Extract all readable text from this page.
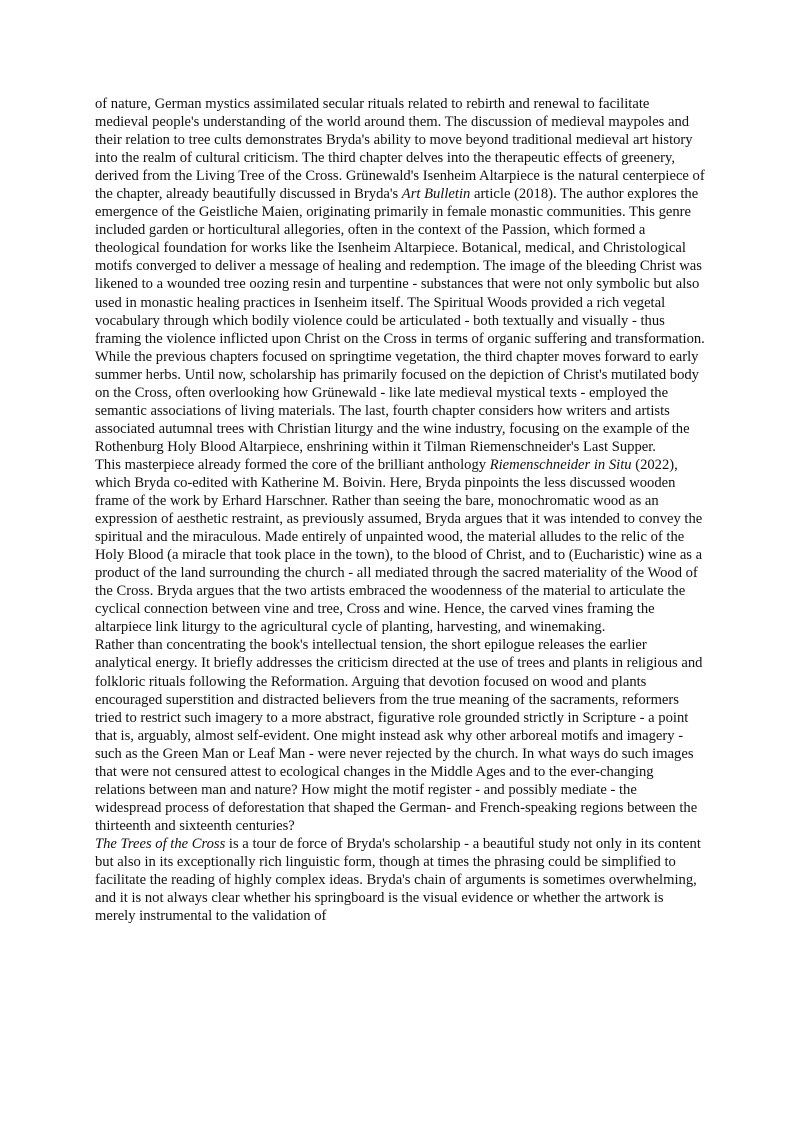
of nature, German mystics assimilated secular rituals related to rebirth and renewal to facilitate medieval people's understanding of the world around them. The discussion of medieval maypoles and their relation to tree cults demonstrates Bryda's ability to move beyond traditional medieval art history into the realm of cultural criticism. The third chapter delves into the therapeutic effects of greenery, derived from the Living Tree of the Cross. Grünewald's Isenheim Altarpiece is the natural centerpiece of the chapter, already beautifully discussed in Bryda's Art Bulletin article (2018). The author explores the emergence of the Geistliche Maien, originating primarily in female monastic communities. This genre included garden or horticultural allegories, often in the context of the Passion, which formed a theological foundation for works like the Isenheim Altarpiece. Botanical, medical, and Christological motifs converged to deliver a message of healing and redemption. The image of the bleeding Christ was likened to a wounded tree oozing resin and turpentine - substances that were not only symbolic but also used in monastic healing practices in Isenheim itself. The Spiritual Woods provided a rich vegetal vocabulary through which bodily violence could be articulated - both textually and visually - thus framing the violence inflicted upon Christ on the Cross in terms of organic suffering and transformation. While the previous chapters focused on springtime vegetation, the third chapter moves forward to early summer herbs. Until now, scholarship has primarily focused on the depiction of Christ's mutilated body on the Cross, often overlooking how Grünewald - like late medieval mystical texts - employed the semantic associations of living materials. The last, fourth chapter considers how writers and artists associated autumnal trees with Christian liturgy and the wine industry, focusing on the example of the Rothenburg Holy Blood Altarpiece, enshrining within it Tilman Riemenschneider's Last Supper.

This masterpiece already formed the core of the brilliant anthology Riemenschneider in Situ (2022), which Bryda co-edited with Katherine M. Boivin. Here, Bryda pinpoints the less discussed wooden frame of the work by Erhard Harschner. Rather than seeing the bare, monochromatic wood as an expression of aesthetic restraint, as previously assumed, Bryda argues that it was intended to convey the spiritual and the miraculous. Made entirely of unpainted wood, the material alludes to the relic of the Holy Blood (a miracle that took place in the town), to the blood of Christ, and to (Eucharistic) wine as a product of the land surrounding the church - all mediated through the sacred materiality of the Wood of the Cross. Bryda argues that the two artists embraced the woodenness of the material to articulate the cyclical connection between vine and tree, Cross and wine. Hence, the carved vines framing the altarpiece link liturgy to the agricultural cycle of planting, harvesting, and winemaking.

Rather than concentrating the book's intellectual tension, the short epilogue releases the earlier analytical energy. It briefly addresses the criticism directed at the use of trees and plants in religious and folkloric rituals following the Reformation. Arguing that devotion focused on wood and plants encouraged superstition and distracted believers from the true meaning of the sacraments, reformers tried to restrict such imagery to a more abstract, figurative role grounded strictly in Scripture - a point that is, arguably, almost self-evident. One might instead ask why other arboreal motifs and imagery - such as the Green Man or Leaf Man - were never rejected by the church. In what ways do such images that were not censured attest to ecological changes in the Middle Ages and to the ever-changing relations between man and nature? How might the motif register - and possibly mediate - the widespread process of deforestation that shaped the German- and French-speaking regions between the thirteenth and sixteenth centuries?

The Trees of the Cross is a tour de force of Bryda's scholarship - a beautiful study not only in its content but also in its exceptionally rich linguistic form, though at times the phrasing could be simplified to facilitate the reading of highly complex ideas. Bryda's chain of arguments is sometimes overwhelming, and it is not always clear whether his springboard is the visual evidence or whether the artwork is merely instrumental to the validation of
